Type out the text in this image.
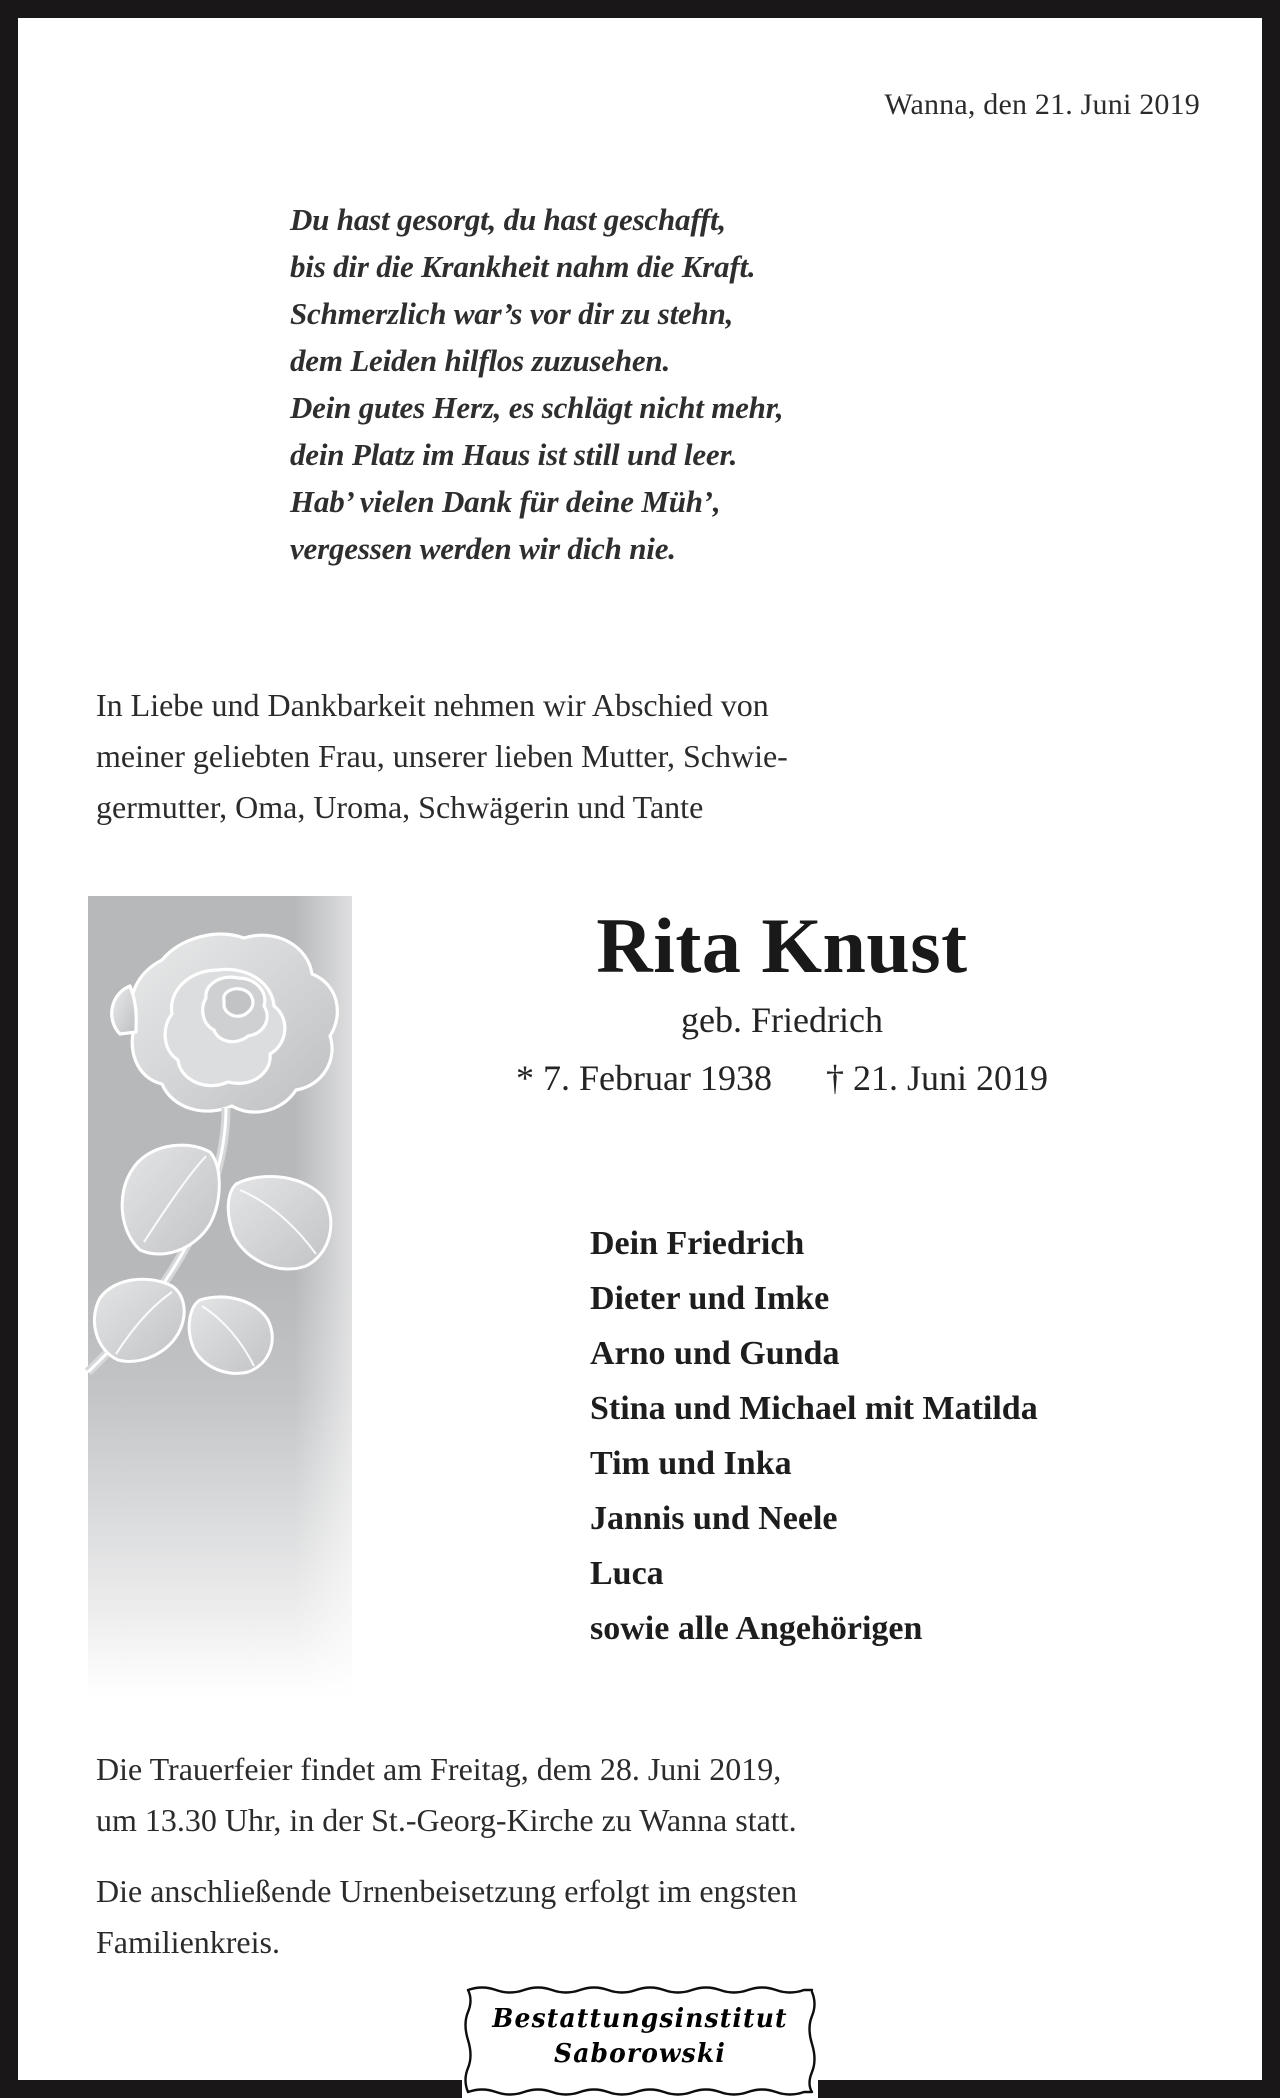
Wanna, den 21. Juni 2019
Du hast gesorgt, du hast geschafft,
bis dir die Krankheit nahm die Kraft.
Schmerzlich war’s vor dir zu stehn,
dem Leiden hilflos zuzusehen.
Dein gutes Herz, es schlägt nicht mehr,
dein Platz im Haus ist still und leer.
Hab’ vielen Dank für deine Müh’,
vergessen werden wir dich nie.
In Liebe und Dankbarkeit nehmen wir Abschied von
meiner geliebten Frau, unserer lieben Mutter, Schwie-
germutter, Oma, Uroma, Schwägerin und Tante
Rita Knust
geb. Friedrich
* 7. Februar 1938 † 21. Juni 2019
Dein Friedrich
Dieter und Imke
Arno und Gunda
Stina und Michael mit Matilda
Tim und Inka
Jannis und Neele
Luca
sowie alle Angehörigen
Die Trauerfeier findet am Freitag, dem 28. Juni 2019,
um 13.30 Uhr, in der St.-Georg-Kirche zu Wanna statt.
Die anschließende Urnenbeisetzung erfolgt im engsten
Familienkreis.
Bestattungsinstitut
Saborowski
